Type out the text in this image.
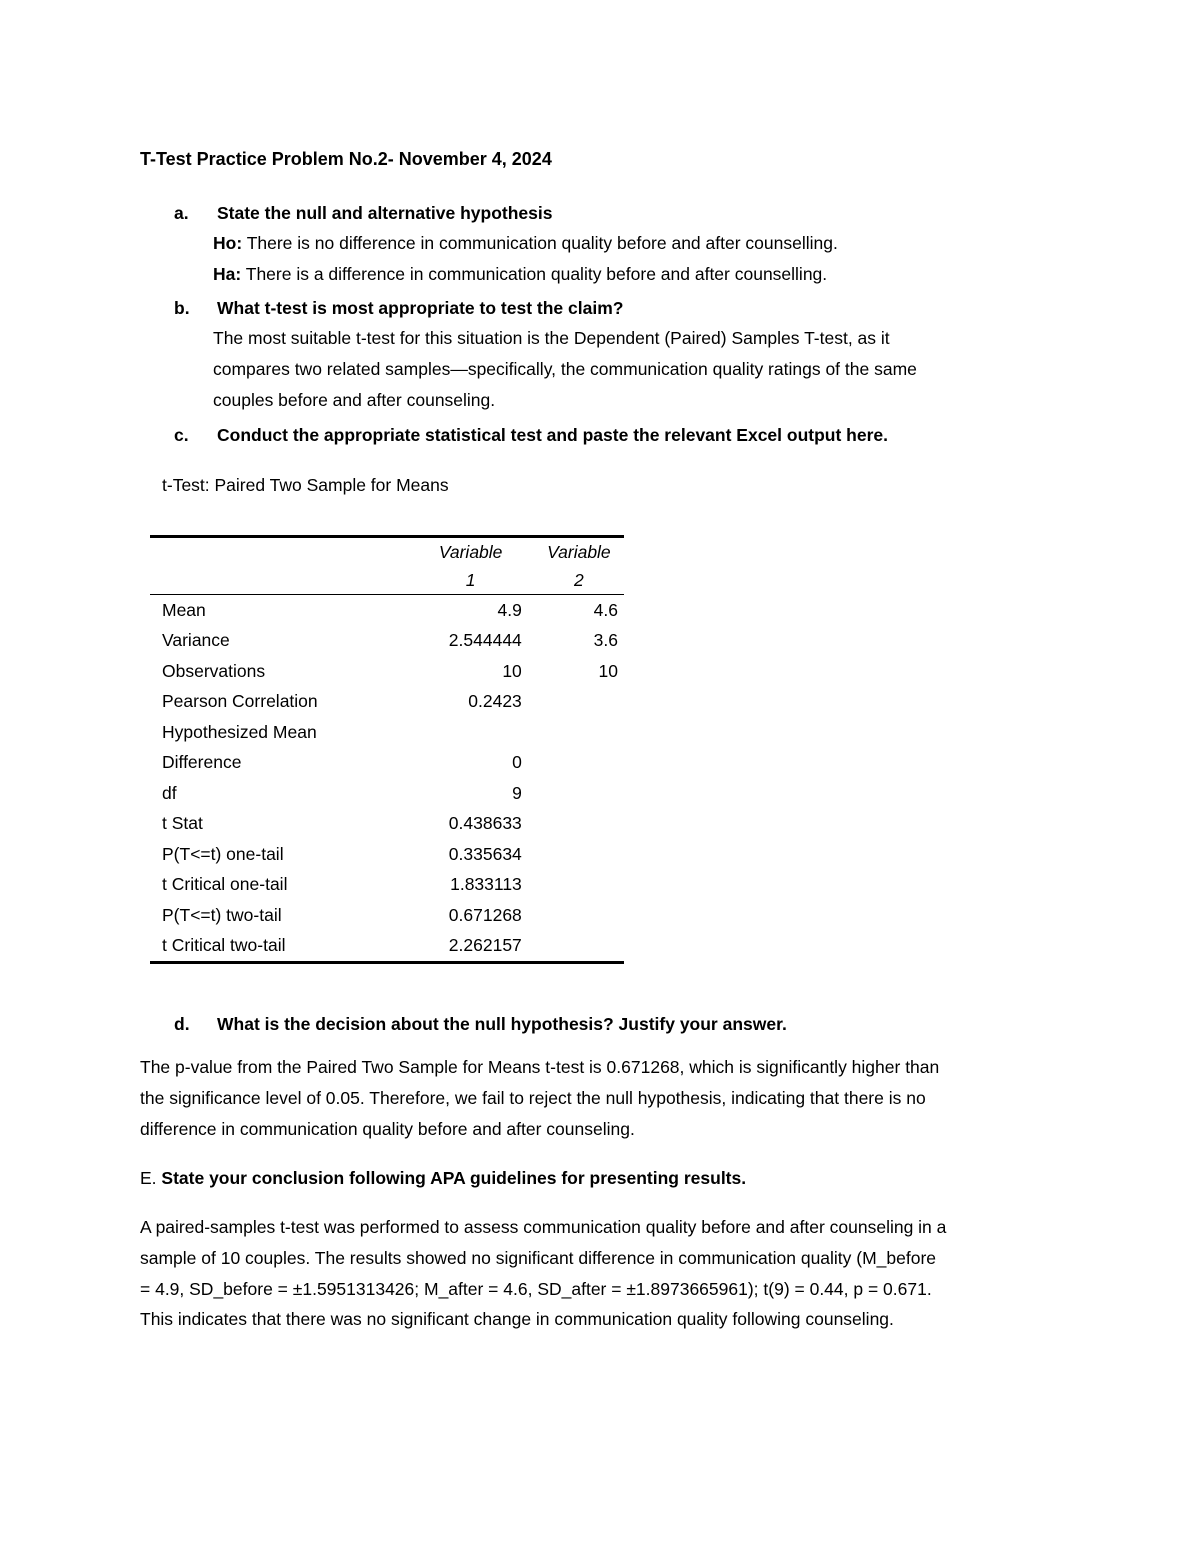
T-Test Practice Problem No.2- November 4, 2024
a. State the null and alternative hypothesis
Ho: There is no difference in communication quality before and after counselling.
Ha: There is a difference in communication quality before and after counselling.
b. What t-test is most appropriate to test the claim?
The most suitable t-test for this situation is the Dependent (Paired) Samples T-test, as it
compares two related samples—specifically, the communication quality ratings of the same
couples before and after counseling.
c. Conduct the appropriate statistical test and paste the relevant Excel output here.
t-Test: Paired Two Sample for Means
	Variable	Variable
	1	2
Mean	4.9	4.6
Variance	2.544444	3.6
Observations	10	10
Pearson Correlation	0.2423	
Hypothesized Mean		
Difference	0	
df	9	
t Stat	0.438633	
P(T<=t) one-tail	0.335634	
t Critical one-tail	1.833113	
P(T<=t) two-tail	0.671268	
t Critical two-tail	2.262157	
d. What is the decision about the null hypothesis? Justify your answer.
The p-value from the Paired Two Sample for Means t-test is 0.671268, which is significantly higher than
the significance level of 0.05. Therefore, we fail to reject the null hypothesis, indicating that there is no
difference in communication quality before and after counseling.
E. State your conclusion following APA guidelines for presenting results.
A paired-samples t-test was performed to assess communication quality before and after counseling in a
sample of 10 couples. The results showed no significant difference in communication quality (M_before
= 4.9, SD_before = ±1.5951313426; M_after = 4.6, SD_after = ±1.8973665961); t(9) = 0.44, p = 0.671.
This indicates that there was no significant change in communication quality following counseling.
